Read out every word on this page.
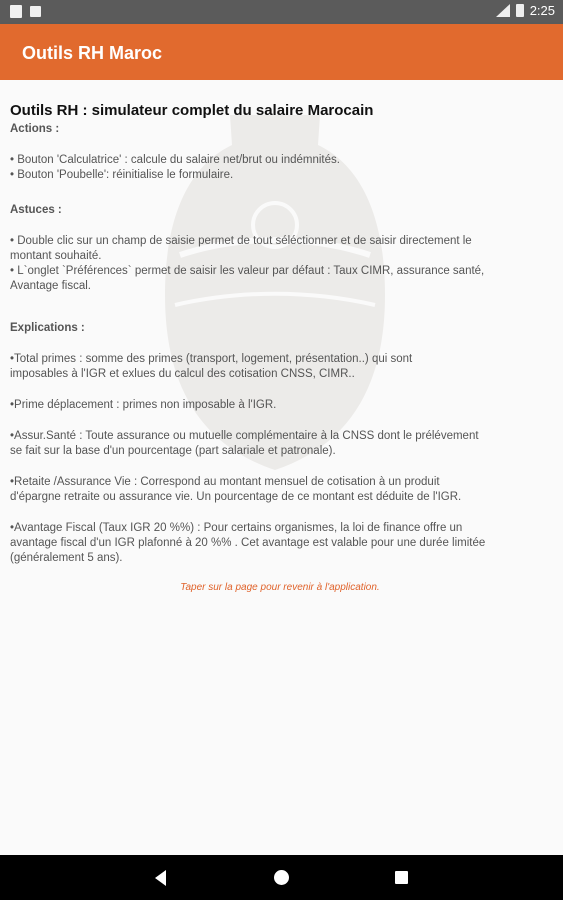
2:25
Outils RH Maroc
Outils RH : simulateur complet du salaire Marocain
Actions :
• Bouton 'Calculatrice' : calcule du salaire net/brut ou indémnités.
• Bouton 'Poubelle': réinitialise le formulaire.
Astuces :
• Double clic sur un champ de saisie permet de tout séléctionner et de saisir directement le
montant souhaité.
• L`onglet `Préférences` permet de saisir les valeur par défaut : Taux CIMR, assurance santé,
Avantage fiscal.
Explications :
•Total primes : somme des primes (transport, logement, présentation..) qui sont
imposables à l'IGR et exlues du calcul des cotisation CNSS, CIMR..
•Prime déplacement : primes non imposable à l'IGR.
•Assur.Santé : Toute assurance ou mutuelle complémentaire à la CNSS dont le prélévement
se fait sur la base d'un pourcentage (part salariale et patronale).
•Retaite /Assurance Vie : Correspond au montant mensuel de cotisation à un produit
d'épargne retraite ou assurance vie. Un pourcentage de ce montant est déduite de l'IGR.
•Avantage Fiscal (Taux IGR 20 %%) : Pour certains organismes, la loi de finance offre un
avantage fiscal d'un IGR plafonné à 20 %% . Cet avantage est valable pour une durée limitée
(généralement 5 ans).
Taper sur la page pour revenir à l'application.
